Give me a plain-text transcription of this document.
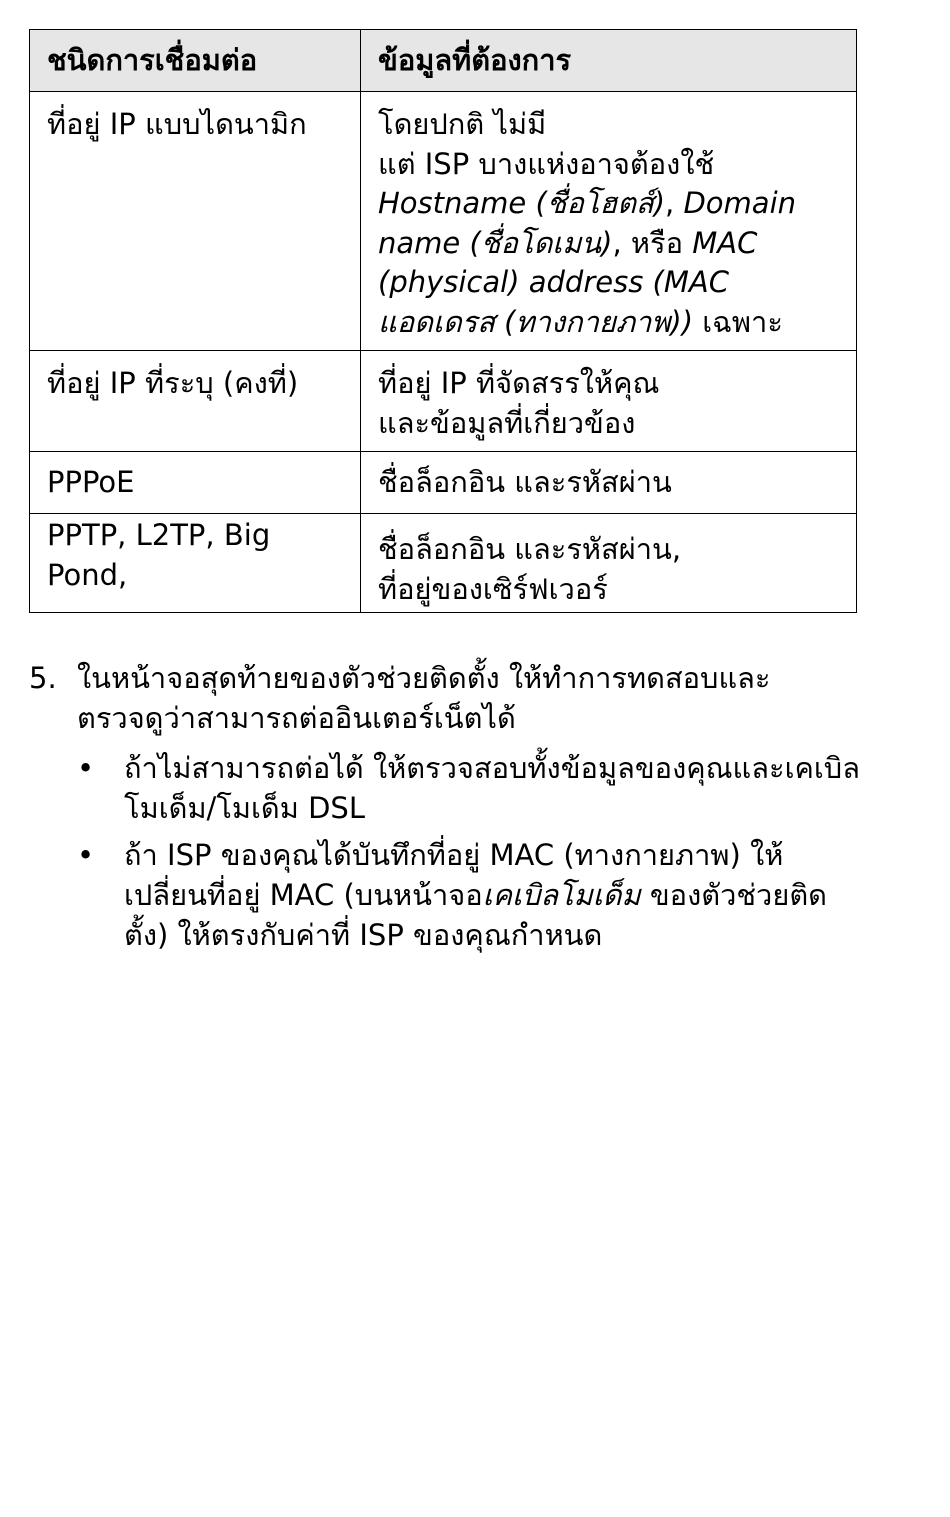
ชนิดการเชื่อมต่อ	ข้อมูลที่ต้องการ
ที่อยู่ IP แบบไดนามิก	โดยปกติ ไม่มี
แต่ ISP บางแห่งอาจต้องใช้
Hostname (ชื่อโฮตส์), Domain name (ชื่อโดเมน), หรือ MAC (physical) address (MAC แอดเดรส (ทางกายภาพ)) เฉพาะ
ที่อยู่ IP ที่ระบุ (คงที่)	ที่อยู่ IP ที่จัดสรรให้คุณ
และข้อมูลที่เกี่ยวข้อง
PPPoE	ชื่อล็อกอิน และรหัสผ่าน
PPTP, L2TP, Big Pond,	ชื่อล็อกอิน และรหัสผ่าน,
ที่อยู่ของเซิร์ฟเวอร์
5. ในหน้าจอสุดท้ายของตัวช่วยติดตั้ง ให้ทำการทดสอบและตรวจดูว่าสามารถต่ออินเตอร์เน็ตได้
• ถ้าไม่สามารถต่อได้ ให้ตรวจสอบทั้งข้อมูลของคุณและเคเบิลโมเด็ม/โมเด็ม DSL
• ถ้า ISP ของคุณได้บันทึกที่อยู่ MAC (ทางกายภาพ) ให้เปลี่ยนที่อยู่ MAC (บนหน้าจอเคเบิลโมเด็ม ของตัวช่วยติดตั้ง) ให้ตรงกับค่าที่ ISP ของคุณกำหนด
